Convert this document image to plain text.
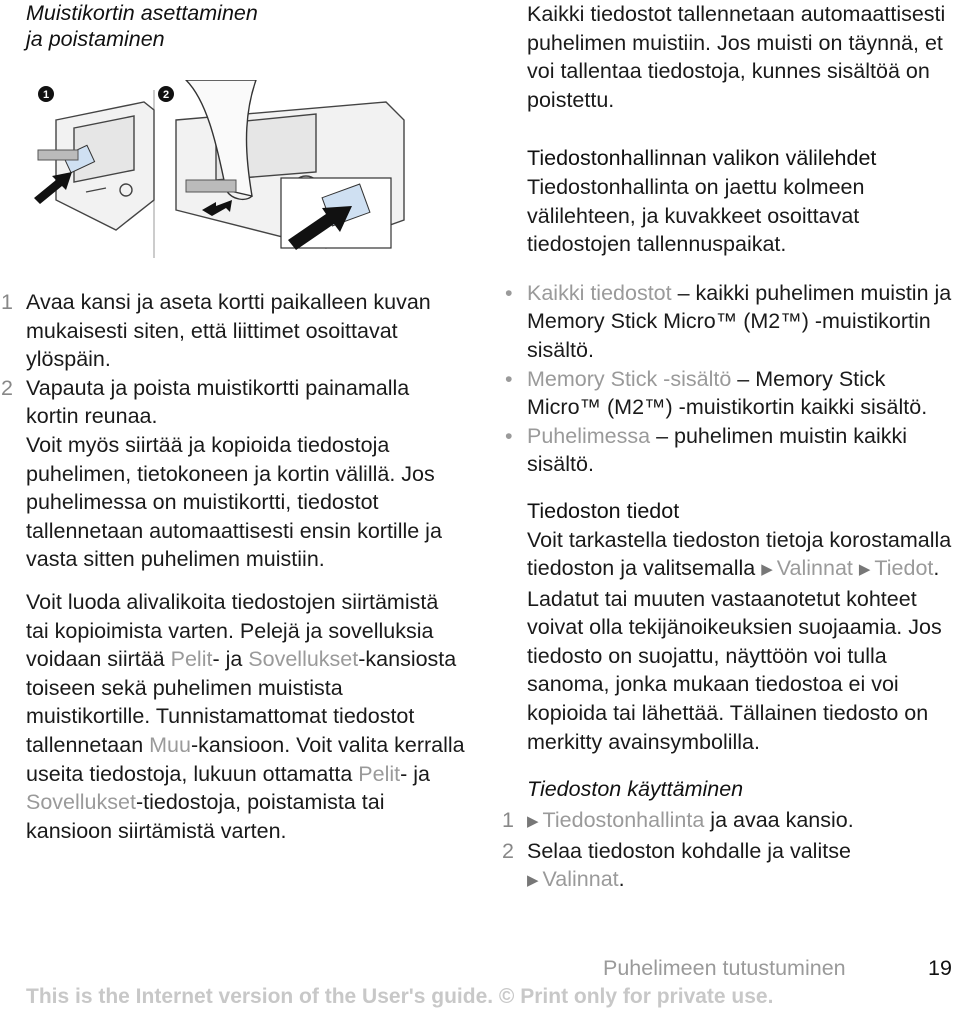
Muistikortin asettaminen
ja poistaminen
1	2
1 Avaa kansi ja aseta kortti paikalleen kuvan mukaisesti siten, että liittimet osoittavat ylöspäin.

2 Vapauta ja poista muistikortti painamalla kortin reunaa.

Voit myös siirtää ja kopioida tiedostoja puhelimen, tietokoneen ja kortin välillä. Jos puhelimessa on muistikortti, tiedostot tallennetaan automaattisesti ensin kortille ja vasta sitten puhelimen muistiin.

Voit luoda alivalikoita tiedostojen siirtämistä tai kopioimista varten. Pelejä ja sovelluksia voidaan siirtää Pelit- ja Sovellukset-kansiosta toiseen sekä puhelimen muistista muistikortille. Tunnistamattomat tiedostot tallennetaan Muu-kansioon. Voit valita kerralla useita tiedostoja, lukuun ottamatta Pelit- ja Sovellukset-tiedostoja, poistamista tai kansioon siirtämistä varten.

Kaikki tiedostot tallennetaan automaattisesti puhelimen muistiin. Jos muisti on täynnä, et voi tallentaa tiedostoja, kunnes sisältöä on poistettu.

Tiedostonhallinnan valikon välilehdet

Tiedostonhallinta on jaettu kolmeen välilehteen, ja kuvakkeet osoittavat tiedostojen tallennuspaikat.

• Kaikki tiedostot – kaikki puhelimen muistin ja Memory Stick Micro™ (M2™) -muistikortin sisältö.
• Memory Stick -sisältö – Memory Stick Micro™ (M2™) -muistikortin kaikki sisältö.
• Puhelimessa – puhelimen muistin kaikki sisältö.
Tiedoston tiedot

Voit tarkastella tiedoston tietoja korostamalla tiedoston ja valitsemalla ▶ Valinnat ▶ Tiedot. Ladatut tai muuten vastaanotetut kohteet voivat olla tekijänoikeuksien suojaamia. Jos tiedosto on suojattu, näyttöön voi tulla sanoma, jonka mukaan tiedostoa ei voi kopioida tai lähettää. Tällainen tiedosto on merkitty avainsymbolilla.

Tiedoston käyttäminen
1 ▶ Tiedostonhallinta ja avaa kansio.

2 Selaa tiedoston kohdalle ja valitse
▶ Valinnat.

Puhelimeen tutustuminen	19
This is the Internet version of the User's guide. © Print only for private use.
